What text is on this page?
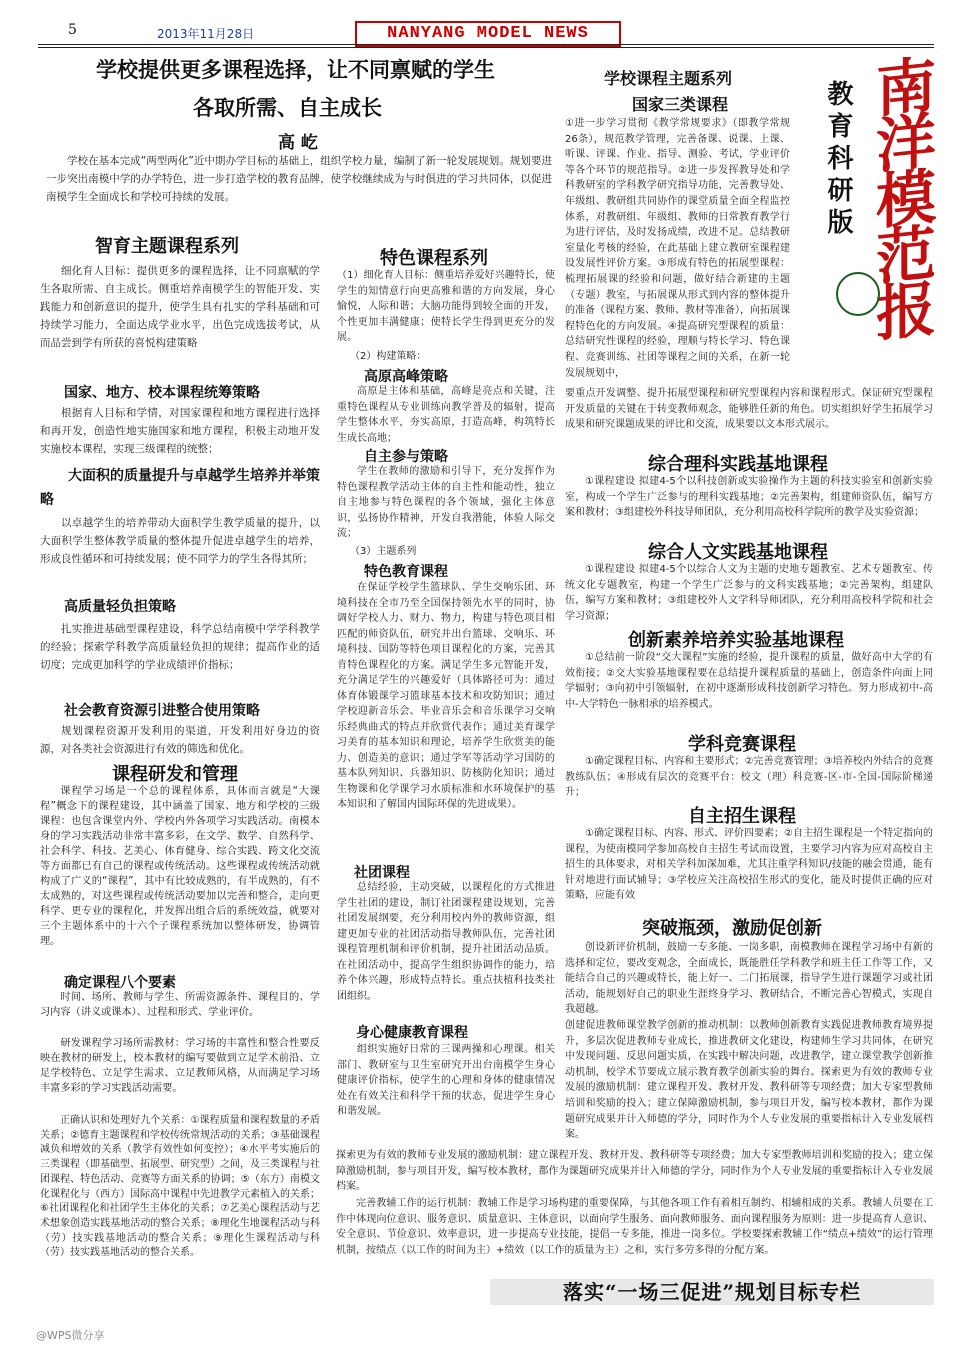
5	2013年11月28日	NANYANG MODEL NEWS
学校提供更多课程选择，让不同禀赋的学生
各取所需、自主成长
高 屹
学校在基本完成“两型两化”近中期办学目标的基础上，组织学校力量，编制了新一轮发展规划。规划要进一步突出南模中学的办学特色，进一步打造学校的教育品牌，使学校继续成为与时俱进的学习共同体，以促进南模学生全面成长和学校可持续的发展。
学校课程主题系列
国家三类课程
①进一步学习贯彻《教学常规要求》（即教学常规26条），规范教学管理，完善备课、说课、上课、听课、评课、作业、指导、测验、考试，学业评价等各个环节的规范指导。②进一步发挥教导处和学科教研室的学科教学研究指导功能，完善教导处、年级组、教研组共同协作的课堂质量全面全程监控体系，对教研组、年级组、教师的日常教育教学行为进行评估，及时发扬成绩，改进不足。总结教研室量化考核的经验，在此基础上建立教研室课程建设发展性评价方案。③形成有特色的拓展型课程：梳理拓展课的经验和问题，做好结合新建的主题（专题）教室，与拓展课从形式到内容的整体提升的准备（课程方案、教师、教材等准备），向拓展课程特色化的方向发展。④提高研究型课程的质量：总结研究性课程的经验，理顺与特长学习、特色课程、竞赛训练、社团等课程之间的关系，在新一轮发展规划中，
教育科研版 南洋模范报
智育主题课程系列
细化育人目标：提供更多的课程选择，让不同禀赋的学生各取所需、自主成长。侧重培养南模学生的智能开发、实践能力和创新意识的提升，使学生具有扎实的学科基础和可持续学习能力，全面达成学业水平，出色完成选拔考试，从而品尝到学有所获的喜悦构建策略
国家、地方、校本课程统筹策略
根据育人目标和学情，对国家课程和地方课程进行选择和再开发，创造性地实施国家和地方课程，积极主动地开发实施校本课程，实现三级课程的统整；
大面积的质量提升与卓越学生培养并举策略
以卓越学生的培养带动大面积学生教学质量的提升，以大面积学生整体教学质量的整体提升促进卓越学生的培养，形成良性循环和可持续发展；使不同学力的学生各得其所；
高质量轻负担策略
扎实推进基础型课程建设，科学总结南模中学学科教学的经验；探索学科教学高质量轻负担的规律；提高作业的适切度；完成更加科学的学业成绩评价指标；
社会教育资源引进整合使用策略
规划课程资源开发利用的渠道，开发利用好身边的资源，对各类社会资源进行有效的筛选和优化。
课程研发和管理
课程学习场是一个总的课程体系，具体而言就是“大课程”概念下的课程建设，其中涵盖了国家、地方和学校的三级课程：也包含课堂内外、学校内外各项学习实践活动。南模本身的学习实践活动非常丰富多彩，在文学、数学、自然科学、社会科学、科技、艺美心、体育健身、综合实践、跨文化交流等方面都已有自己的课程或传统活动。这些课程或传统活动就构成了广义的“课程”，其中有比较成熟的，有半成熟的，有不太成熟的，对这些课程或传统活动要加以完善和整合，走向更科学、更专业的课程化，并发挥出组合后的系统效益，就要对三个主题体系中的十六个子课程系统加以整体研发，协调管理。
确定课程八个要素
时间、场所、教师与学生、所需资源条件、课程目的、学习内容（讲义或课本）、过程和形式、学业评价。
研发课程学习场所需教材：学习场的丰富性和整合性要反映在教材的研发上，校本教材的编写要做到立足学术前沿、立足学校特色、立足学生需求、立足教师风格，从而满足学习场丰富多彩的学习实践活动需要。
正确认识和处理好九个关系：①课程质量和课程数量的矛盾关系；②德育主题课程和学校传统常规活动的关系；③基础课程减负和增效的关系（教学有效性如何变控）；④水平考实施后的三类课程（即基础型、拓展型、研究型）之间，及三类课程与社团课程、特色活动、竞赛等方面关系的协调；⑤（东方）南模文化课程化与（西方）国际高中课程中先进教学元素植入的关系；⑥社团课程化和社团学生主体化的关系；⑦艺美心课程活动与艺术想象创造实践基地活动的整合关系；⑧理化生地课程活动与科（劳）技实践基地活动的整合关系；⑨理化生课程活动与科（劳）技实践基地活动的整合关系。
特色课程系列
（1）细化育人目标：侧重培养爱好兴趣特长，使学生的知情意行向更高雅和谐的方向发展，身心愉悦，人际和谐；大脑功能得到较全面的开发，个性更加丰满健康；使特长学生得到更充分的发展。
（2）构建策略：
高原高峰策略
高原是主体和基础，高峰是亮点和关键，注重特色课程从专业训练向教学普及的辐射，提高学生整体水平，夯实高原，打造高峰，构筑特长生成长高地；
自主参与策略
学生在教师的激励和引导下，充分发挥作为特色课程教学活动主体的自主性和能动性，独立自主地参与特色课程的各个领域，强化主体意识，弘扬协作精神，开发自我潜能，体验人际交流；
（3）主题系列
特色教育课程
在保证学校学生篮球队、学生交响乐团、环境科技在全市乃至全国保持领先水平的同时，协调好学校人力、财力、物力，构建与特色项目相匹配的师资队伍，研究并出台篮球、交响乐、环境科技、国防等特色项目课程化的方案，完善其肯特色课程化的方案。满足学生多元智能开发，充分满足学生的兴趣爱好（具体路径可为：通过体育体锻课学习篮球基本技术和攻防知识；通过学校迎新音乐会、毕业音乐会和音乐课学习交响乐经典曲式的特点并欣赏代表作；通过美育课学习美育的基本知识和理论，培养学生欣赏美的能力、创造美的意识；通过学军等活动学习国防的基本队列知识、兵器知识、防核防化知识；通过生物课和化学课学习水质标准和水环境保护的基本知识和了解国内国际环保的先进成果）。
社团课程
总结经验，主动突破，以课程化的方式推进学生社团的建设，制订社团课程建设规划，完善社团发展纲要，充分利用校内外的教师资源，组建更加专业的社团活动指导教师队伍，完善社团课程管理机制和评价机制，提升社团活动品质。在社团活动中，提高学生组织协调作的能力，培养个体兴趣，形成特点特长。重点扶植科技类社团组织。
身心健康教育课程
组织实施好日常的三课两操和心理课。相关部门、教研室与卫生室研究开出台南模学生身心健康评价指标，使学生的心理和身体的健康情况处在有效关注和科学干预的状态，促进学生身心和谐发展。
要重点开发调整、提升拓展型课程和研究型课程内容和课程形式。保证研究型课程开发质量的关键在于转变教师观念，能够胜任新的角色。切实组织好学生拓展学习成果和研究课题成果的评比和交流，成果要以文本形式展示。
综合理科实践基地课程
①课程建设 拟建4-5个以科技创新或实验操作为主题的科技实验室和创新实验室，构成一个学生广泛参与的理科实践基地；②完善架构，组建师资队伍，编写方案和教材；③组建校外科技导师团队，充分利用高校科学院所的教学及实验资源；
综合人文实践基地课程
①课程建设 拟建4-5个以综合人文为主题的史地专题教室、艺术专题教室、传统文化专题教室，构建一个学生广泛参与的文科实践基地；②完善架构，组建队伍，编写方案和教材；③组建校外人文学科导师团队，充分利用高校科学院和社会学习资源；
创新素养培养实验基地课程
①总结前一阶段“交大课程”实施的经验，提升课程的质量，做好高中大学的有效衔接；②交大实验基地课程要在总结提升课程质量的基础上，创造条件向面上同学辐射；③向初中引领辐射，在初中逐渐形成科技创新学习特色。努力形成初中-高中-大学特色一脉相承的培养模式。
学科竞赛课程
①确定课程目标、内容和主要形式；②完善竞赛管理；③培养校内外结合的竞赛教练队伍；④形成有层次的竞赛平台：校文（理）科竞赛-区-市-全国-国际阶梯递升；
自主招生课程
①确定课程目标、内容、形式、评价四要素；②自主招生课程是一个特定指向的课程，为使南模同学参加高校自主招生考试而设置，主要学习内容为应对高校自主招生的具体要求，对相关学科加深加难，尤其注重学科知识/技能的融会贯通，能有针对地进行面试辅导；③学校应关注高校招生形式的变化，能及时提供正确的应对策略，应能有效
突破瓶颈，激励促创新
创设新评价机制，鼓励一专多能、一岗多职，南模教师在课程学习场中有新的选择和定位，要改变观念，全面成长，既能胜任学科教学和班主任工作等工作，又能结合自己的兴趣或特长，能上好一、二门拓展课，指导学生进行课题学习或社团活动，能规划好自己的职业生涯终身学习、教研结合，不断完善心智模式，实现自我超越。
创建促进教师课堂教学创新的推动机制：以教师创新教育实践促进教师教育境界提升，多层次促进教师专业成长，推进教研文化建设，构建师生学习共同体，在研究中发现问题、反思问题实质，在实践中解决问题，改进教学，建立课堂教学创新推动机制，校学术节要成立展示教育教学创新实验的舞台。探索更为有效的教师专业发展的激励机制：建立课程开发、教材开发、教科研等专项经费；加大专家型教师培训和奖励的投入；建立保障激励机制，参与项目开发，编写校本教材，都作为课题研究成果并计入师德的学分，同时作为个人专业发展的重要指标计入专业发展档案。
探索更为有效的教师专业发展的激励机制：建立课程开发、教材开发、教科研等专项经费；加大专家型教师培训和奖励的投入；建立保障激励机制，参与项目开发，编写校本教材，都作为课题研究成果并计入师德的学分，同时作为个人专业发展的重要指标计入专业发展档案。
完善教辅工作的运行机制：教辅工作是学习场构建的重要保障，与其他各项工作有着相互制约、相辅相成的关系。教辅人员要在工作中体现向位意识、服务意识、质量意识、主体意识，以面向学生服务、面向教师服务、面向课程服务为原则：进一步提高育人意识、安全意识、节俭意识、效率意识，进一步提高专业技能，提倡一专多能，推进一岗多位。学校要探索教辅工作“绩点+绩效”的运行管理机制，按绩点（以工作的时间为主）+绩效（以工作的质量为主）之和，实行多劳多得的分配方案。
落实“一场三促进”规划目标专栏
@WPS微分享
